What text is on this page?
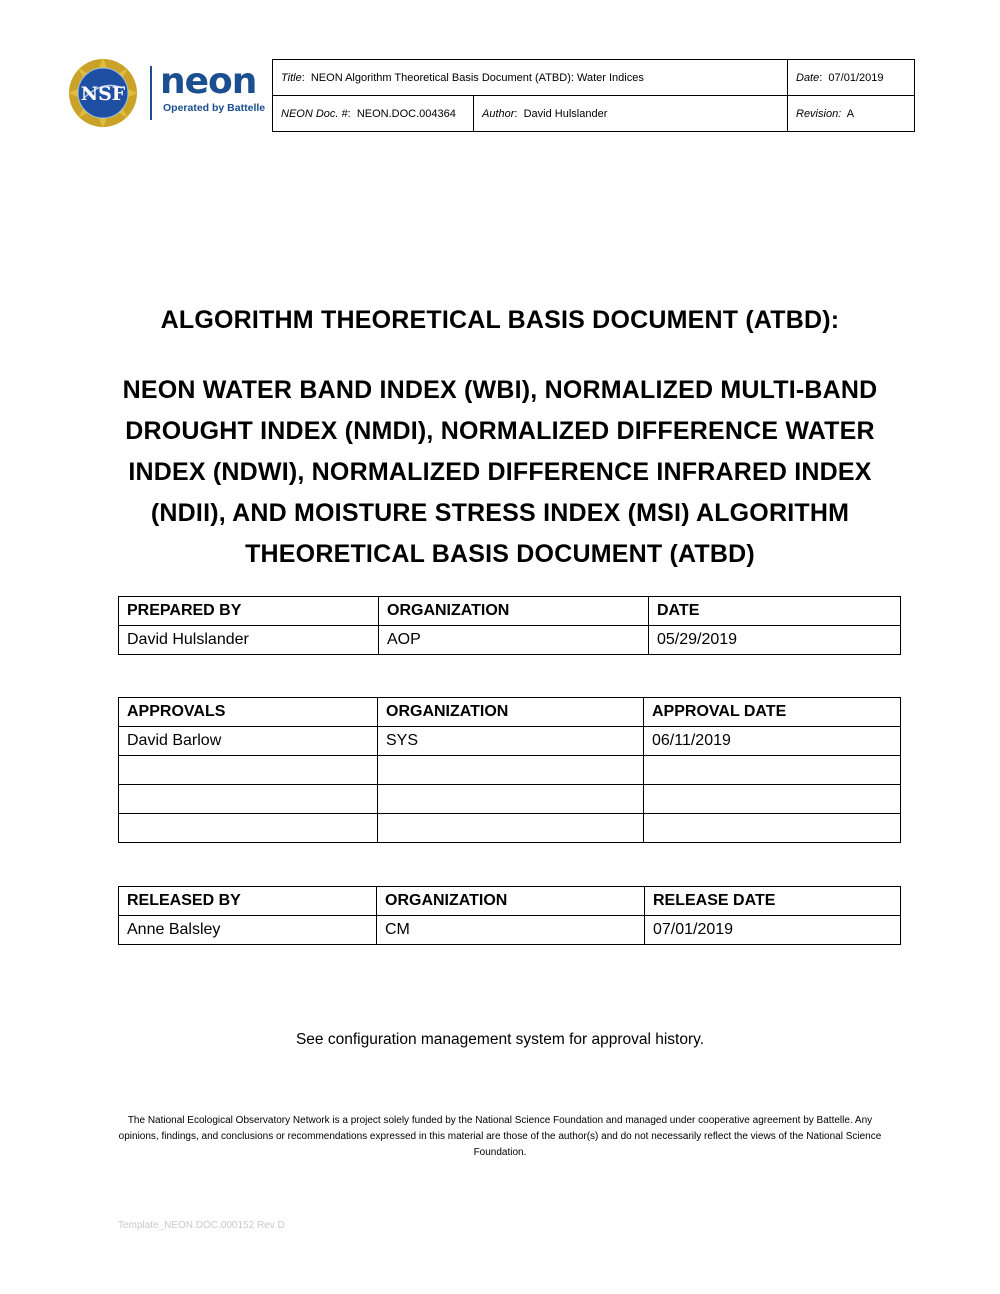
NSF neon
Operated by Battelle
Title:  NEON Algorithm Theoretical Basis Document (ATBD): Water Indices		Date:  07/01/2019
NEON Doc. #:  NEON.DOC.004364	Author:  David Hulslander	Revision: A
ALGORITHM THEORETICAL BASIS DOCUMENT (ATBD):
NEON WATER BAND INDEX (WBI), NORMALIZED MULTI-BAND DROUGHT INDEX (NMDI), NORMALIZED DIFFERENCE WATER INDEX (NDWI), NORMALIZED DIFFERENCE INFRARED INDEX (NDII), AND MOISTURE STRESS INDEX (MSI) ALGORITHM THEORETICAL BASIS DOCUMENT (ATBD)
PREPARED BY	ORGANIZATION	DATE
David Hulslander	AOP	05/29/2019
APPROVALS	ORGANIZATION	APPROVAL DATE
David Barlow	SYS	06/11/2019

RELEASED BY	ORGANIZATION	RELEASE DATE
Anne Balsley	CM	07/01/2019
See configuration management system for approval history.
The National Ecological Observatory Network is a project solely funded by the National Science Foundation and managed under cooperative agreement by Battelle. Any opinions, findings, and conclusions or recommendations expressed in this material are those of the author(s) and do not necessarily reflect the views of the National Science Foundation.
Template_NEON.DOC.000152 Rev D
